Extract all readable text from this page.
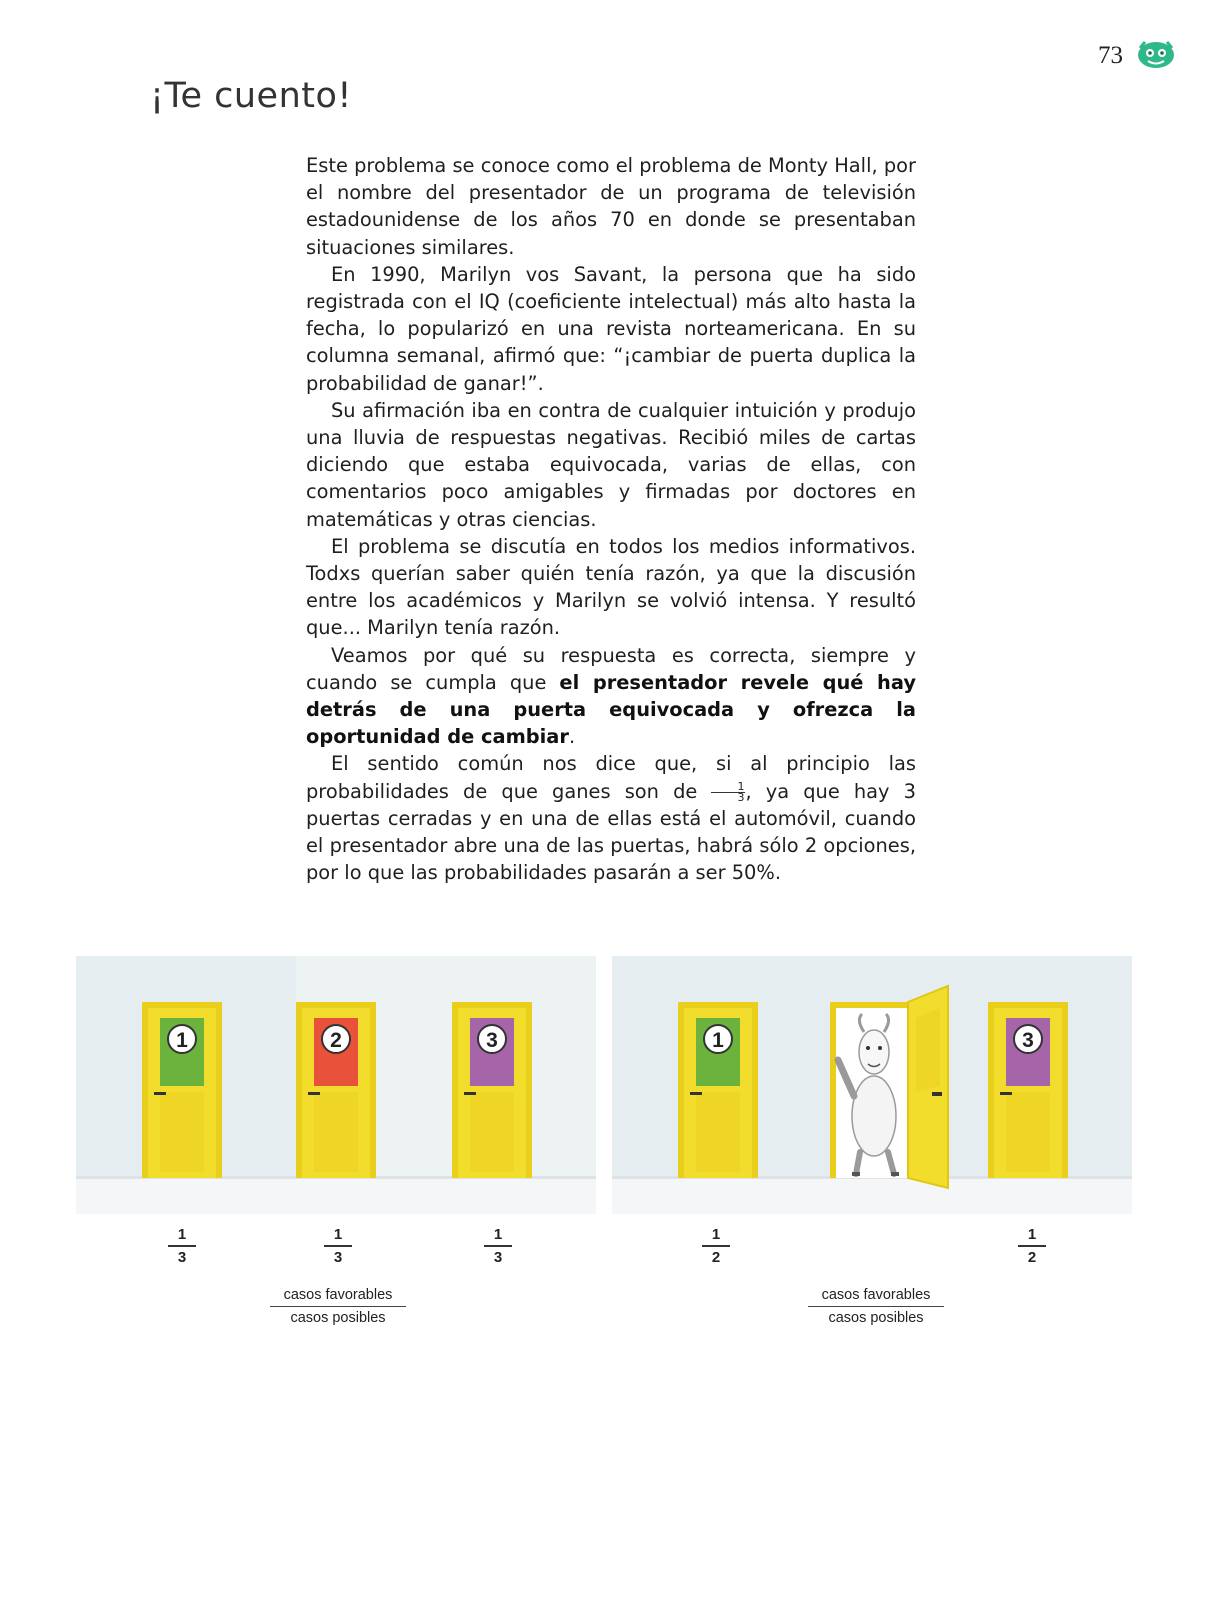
73
¡Te cuento!

Este problema se conoce como el problema de Monty Hall, por el nombre del presentador de un programa de televisión estadounidense de los años 70 en donde se presentaban situaciones similares.

En 1990, Marilyn vos Savant, la persona que ha sido registrada con el IQ (coeficiente intelectual) más alto hasta la fecha, lo popularizó en una revista norteamericana. En su columna semanal, afirmó que: “¡cambiar de puerta duplica la probabilidad de ganar!”.

Su afirmación iba en contra de cualquier intuición y produjo una lluvia de respuestas negativas. Recibió miles de cartas diciendo que estaba equivocada, varias de ellas, con comentarios poco amigables y firmadas por doctores en matemáticas y otras ciencias.

El problema se discutía en todos los medios informativos. Todxs querían saber quién tenía razón, ya que la discusión entre los académicos y Marilyn se volvió intensa. Y resultó que... Marilyn tenía razón.

Veamos por qué su respuesta es correcta, siempre y cuando se cumpla que el presentador revele qué hay detrás de una puerta equivocada y ofrezca la oportunidad de cambiar.

El sentido común nos dice que, si al principio las probabilidades de que ganes son de $\frac{1}{3}$ , ya que hay 3 puertas cerradas y en una de ellas está el automóvil, cuando el presentador abre una de las puertas, habrá sólo 2 opciones, por lo que las probabilidades pasarán a ser 50%.

1	2	3	1	3
1
3
1
3
1
3
1
2
1
2
casos favorables
casos posibles
casos favorables
casos posibles
